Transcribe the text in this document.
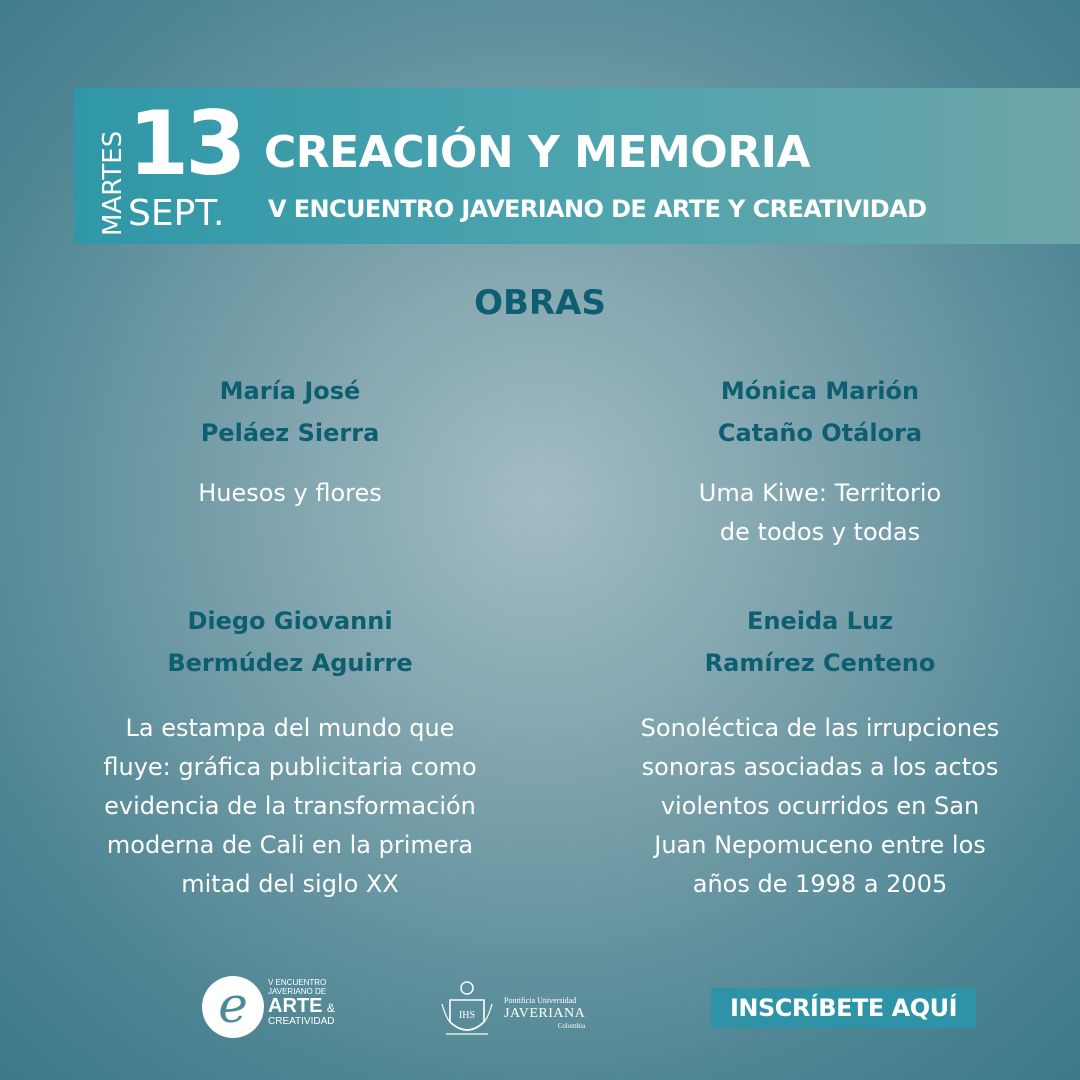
MARTES 13
SEPT.
CREACIÓN Y MEMORIA
V ENCUENTRO JAVERIANO DE ARTE Y CREATIVIDAD
OBRAS

María José

Peláez Sierra

Huesos y flores

Mónica Marión

Cataño Otálora

Uma Kiwe: Territorio

de todos y todas

Diego Giovanni

Bermúdez Aguirre

La estampa del mundo que

fluye: gráfica publicitaria como

evidencia de la transformación

moderna de Cali en la primera

mitad del siglo XX

Eneida Luz

Ramírez Centeno

Sonoléctica de las irrupciones

sonoras asociadas a los actos

violentos ocurridos en San

Juan Nepomuceno entre los

años de 1998 a 2005

e	V ENCUENTRO
JAVERIANO DE
ARTE &
CREATIVIDAD
IHS
Pontificia Universidad
JAVERIANA
Colombia
INSCRÍBETE AQUÍ
